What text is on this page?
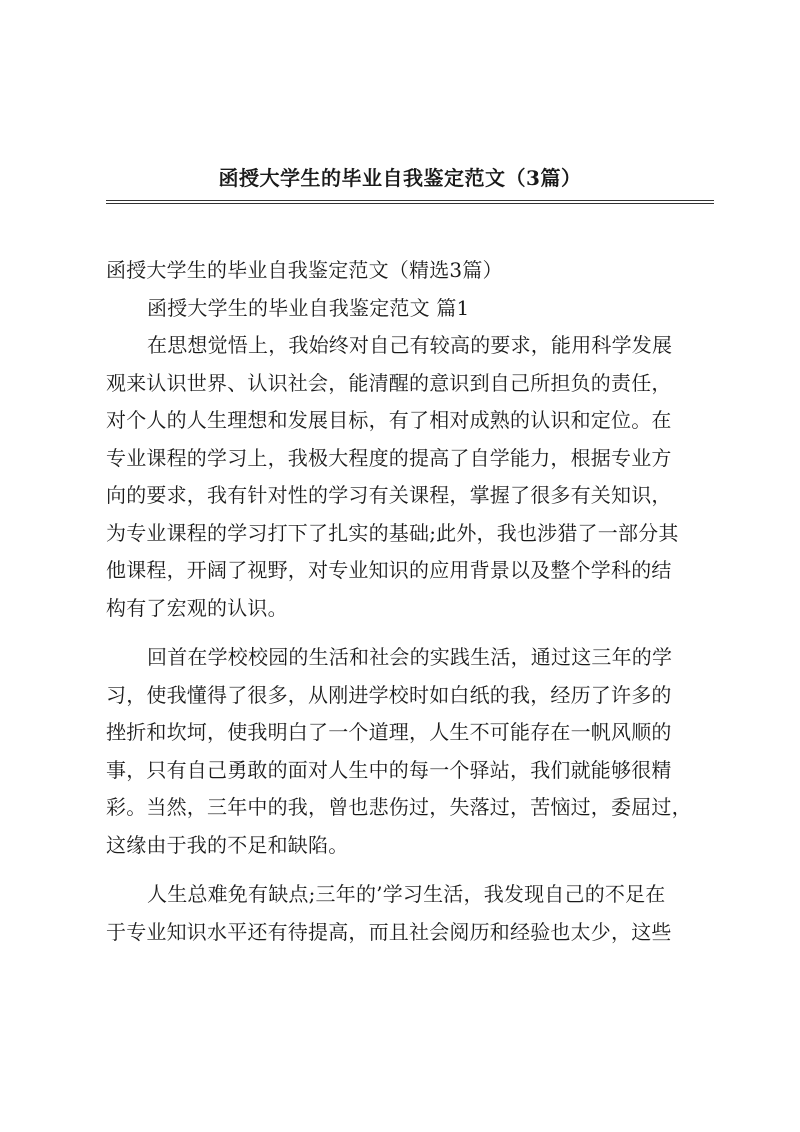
函授大学生的毕业自我鉴定范文（3篇）
函授大学生的毕业自我鉴定范文（精选3篇）
函授大学生的毕业自我鉴定范文 篇1
在思想觉悟上，我始终对自己有较高的要求，能用科学发展
观来认识世界、认识社会，能清醒的意识到自己所担负的责任，
对个人的人生理想和发展目标，有了相对成熟的认识和定位。在
专业课程的学习上，我极大程度的提高了自学能力，根据专业方
向的要求，我有针对性的学习有关课程，掌握了很多有关知识，
为专业课程的学习打下了扎实的基础;此外，我也涉猎了一部分其
他课程，开阔了视野，对专业知识的应用背景以及整个学科的结
构有了宏观的认识。
回首在学校校园的生活和社会的实践生活，通过这三年的学
习，使我懂得了很多，从刚进学校时如白纸的我，经历了许多的
挫折和坎坷，使我明白了一个道理，人生不可能存在一帆风顺的
事，只有自己勇敢的面对人生中的每一个驿站，我们就能够很精
彩。当然，三年中的我，曾也悲伤过，失落过，苦恼过，委屈过，
这缘由于我的不足和缺陷。
人生总难免有缺点;三年的’学习生活，我发现自己的不足在
于专业知识水平还有待提高，而且社会阅历和经验也太少，这些
